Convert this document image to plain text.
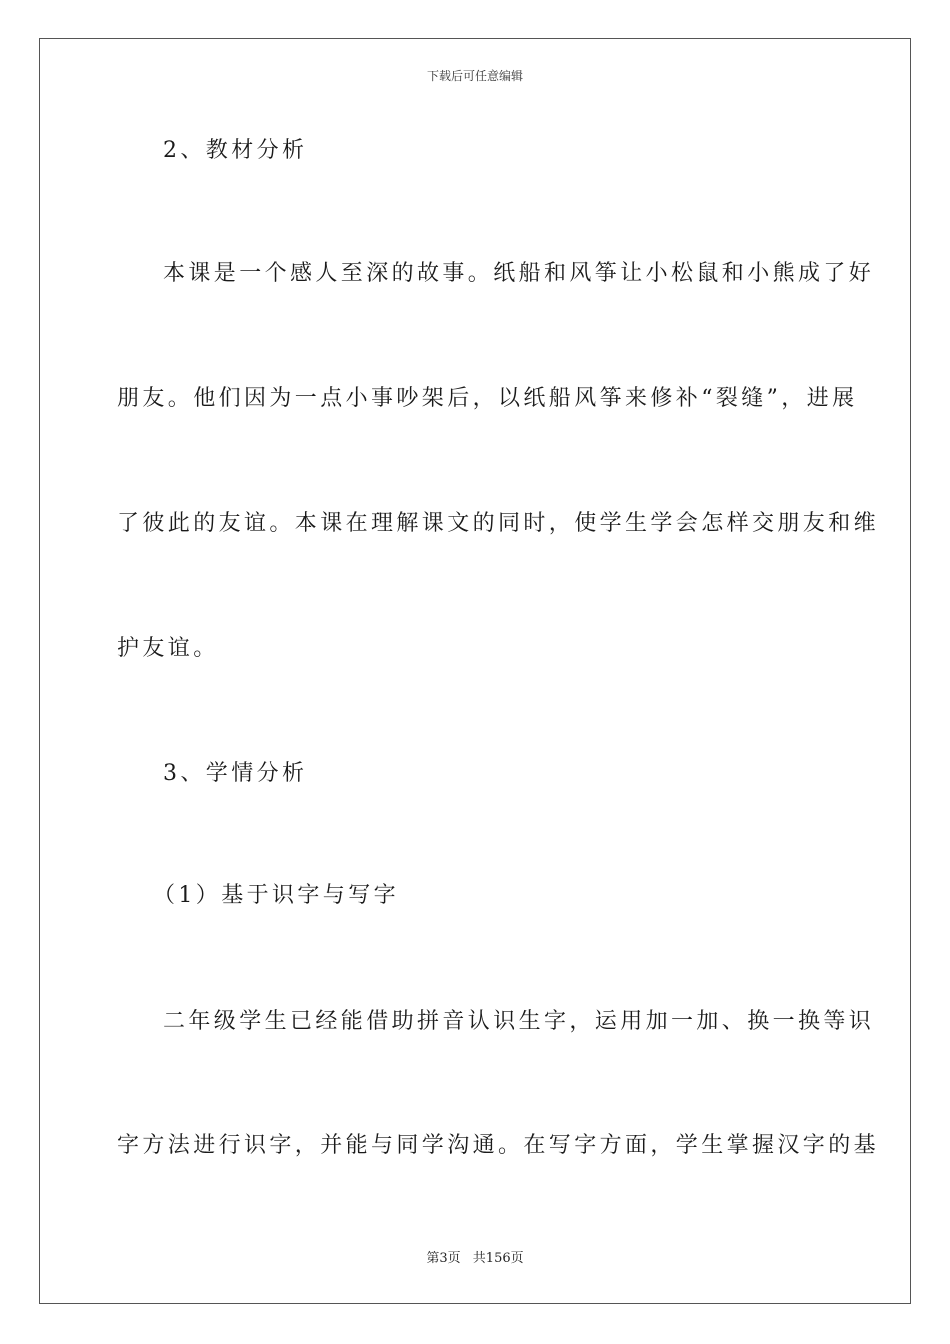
下载后可任意编辑
2、教材分析
本课是一个感人至深的故事。纸船和风筝让小松鼠和小熊成了好
朋友。他们因为一点小事吵架后，以纸船风筝来修补“裂缝”，进展
了彼此的友谊。本课在理解课文的同时，使学生学会怎样交朋友和维
护友谊。
3、学情分析
（1）基于识字与写字
二年级学生已经能借助拼音认识生字，运用加一加、换一换等识
字方法进行识字，并能与同学沟通。在写字方面，学生掌握汉字的基
第3页 共156页
